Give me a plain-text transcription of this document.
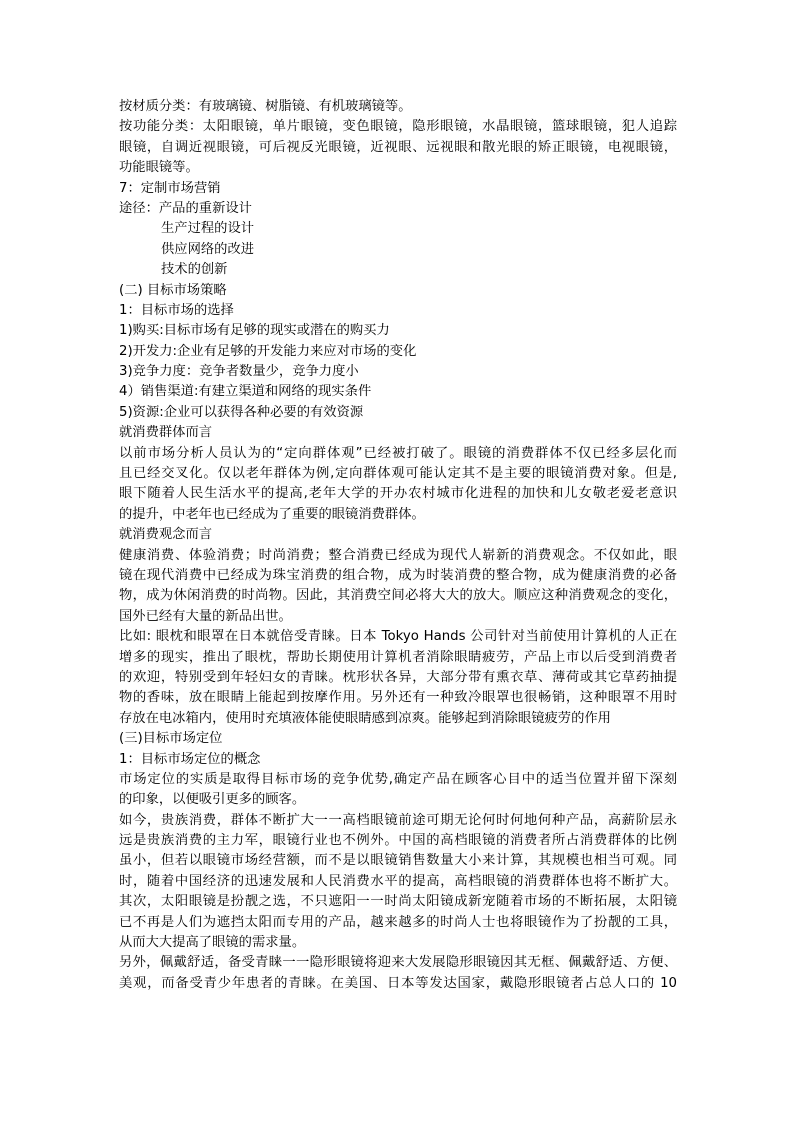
按材质分类：有玻璃镜、树脂镜、有机玻璃镜等。
按功能分类：太阳眼镜，单片眼镜，变色眼镜，隐形眼镜，水晶眼镜，篮球眼镜，犯人追踪
眼镜，自调近视眼镜，可后视反光眼镜，近视眼、远视眼和散光眼的矫正眼镜，电视眼镜，
功能眼镜等。
7：定制市场营销
途径：产品的重新设计
生产过程的设计
供应网络的改进
技术的创新
(二) 目标市场策略
1：目标市场的选择
1)购买:目标市场有足够的现实或潜在的购买力
2)开发力:企业有足够的开发能力来应对市场的变化
3)竞争力度：竞争者数量少，竞争力度小
4）销售渠道:有建立渠道和网络的现实条件
5)资源:企业可以获得各种必要的有效资源
就消费群体而言
以前市场分析人员认为的“定向群体观”已经被打破了。眼镜的消费群体不仅已经多层化而
且已经交叉化。仅以老年群体为例,定向群体观可能认定其不是主要的眼镜消费对象。但是,
眼下随着人民生活水平的提高,老年大学的开办农村城市化进程的加快和儿女敬老爱老意识
的提升，中老年也已经成为了重要的眼镜消费群体。
就消费观念而言
健康消费、体验消费；时尚消费；整合消费已经成为现代人崭新的消费观念。不仅如此，眼
镜在现代消费中已经成为珠宝消费的组合物，成为时装消费的整合物，成为健康消费的必备
物，成为休闲消费的时尚物。因此，其消费空间必将大大的放大。顺应这种消费观念的变化，
国外已经有大量的新品出世。
比如: 眼枕和眼罩在日本就倍受青睐。日本 Tokyo Hands 公司针对当前使用计算机的人正在
增多的现实，推出了眼枕，帮助长期使用计算机者消除眼睛疲劳，产品上市以后受到消费者
的欢迎，特别受到年轻妇女的青睐。枕形状各异，大部分带有熏衣草、薄荷或其它草药抽提
物的香味，放在眼睛上能起到按摩作用。另外还有一种致冷眼罩也很畅销，这种眼罩不用时
存放在电冰箱内，使用时充填液体能使眼睛感到凉爽。能够起到消除眼镜疲劳的作用
(三)目标市场定位
1：目标市场定位的概念
市场定位的实质是取得目标市场的竞争优势,确定产品在顾客心目中的适当位置并留下深刻
的印象，以便吸引更多的顾客。
如今，贵族消费，群体不断扩大一一高档眼镜前途可期无论何时何地何种产品，高薪阶层永
远是贵族消费的主力军，眼镜行业也不例外。中国的高档眼镜的消费者所占消费群体的比例
虽小，但若以眼镜市场经营额，而不是以眼镜销售数量大小来计算，其规模也相当可观。同
时，随着中国经济的迅速发展和人民消费水平的提高，高档眼镜的消费群体也将不断扩大。
其次，太阳眼镜是扮靓之选，不只遮阳一一时尚太阳镜成新宠随着市场的不断拓展，太阳镜
已不再是人们为遮挡太阳而专用的产品，越来越多的时尚人士也将眼镜作为了扮靓的工具，
从而大大提高了眼镜的需求量。
另外，佩戴舒适，备受青睐一一隐形眼镜将迎来大发展隐形眼镜因其无框、佩戴舒适、方便、
美观，而备受青少年患者的青睐。在美国、日本等发达国家，戴隐形眼镜者占总人口的 10
